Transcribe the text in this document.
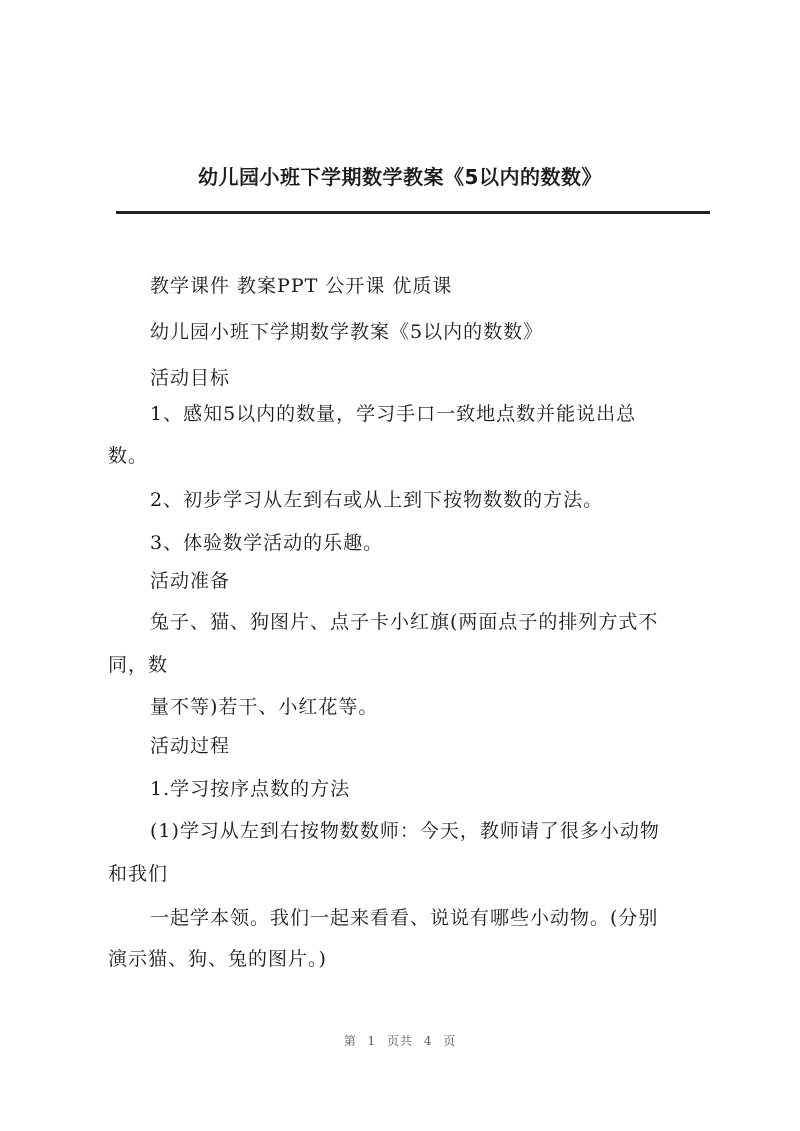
幼儿园小班下学期数学教案《5以内的数数》
教学课件 教案PPT 公开课 优质课
幼儿园小班下学期数学教案《5以内的数数》
活动目标
1、感知5以内的数量，学习手口一致地点数并能说出总
数。
2、初步学习从左到右或从上到下按物数数的方法。
3、体验数学活动的乐趣。
活动准备
兔子、猫、狗图片、点子卡小红旗(两面点子的排列方式不
同，数
量不等)若干、小红花等。
活动过程
1.学习按序点数的方法
(1)学习从左到右按物数数师：今天，教师请了很多小动物
和我们
一起学本领。我们一起来看看、说说有哪些小动物。(分别
演示猫、狗、兔的图片。)
第 1 页共 4 页
